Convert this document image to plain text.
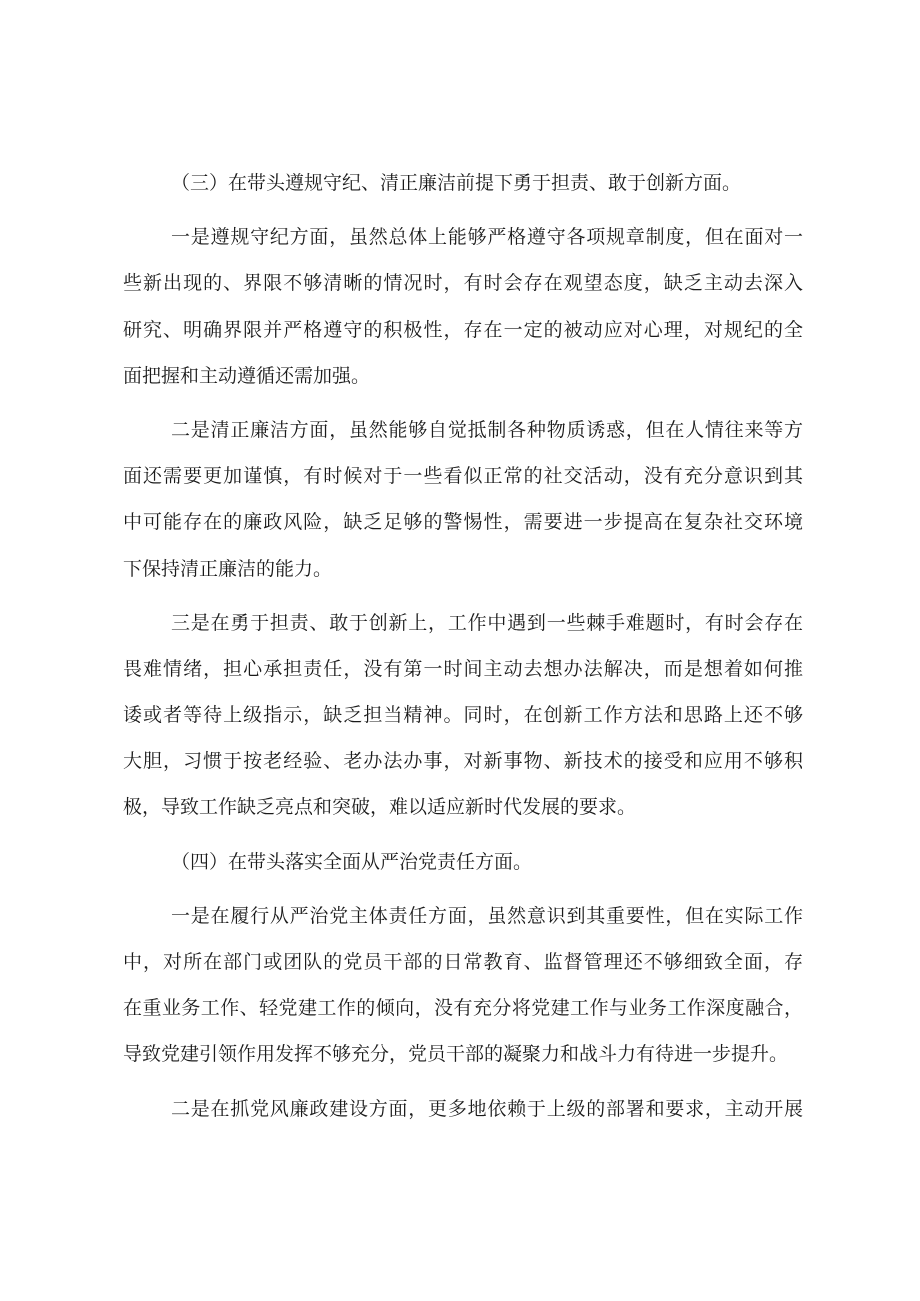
（三）在带头遵规守纪、清正廉洁前提下勇于担责、敢于创新方面。
一是遵规守纪方面，虽然总体上能够严格遵守各项规章制度，但在面对一
些新出现的、界限不够清晰的情况时，有时会存在观望态度，缺乏主动去深入
研究、明确界限并严格遵守的积极性，存在一定的被动应对心理，对规纪的全
面把握和主动遵循还需加强。
二是清正廉洁方面，虽然能够自觉抵制各种物质诱惑，但在人情往来等方
面还需要更加谨慎，有时候对于一些看似正常的社交活动，没有充分意识到其
中可能存在的廉政风险，缺乏足够的警惕性，需要进一步提高在复杂社交环境
下保持清正廉洁的能力。
三是在勇于担责、敢于创新上，工作中遇到一些棘手难题时，有时会存在
畏难情绪，担心承担责任，没有第一时间主动去想办法解决，而是想着如何推
诿或者等待上级指示，缺乏担当精神。同时，在创新工作方法和思路上还不够
大胆，习惯于按老经验、老办法办事，对新事物、新技术的接受和应用不够积
极，导致工作缺乏亮点和突破，难以适应新时代发展的要求。
（四）在带头落实全面从严治党责任方面。
一是在履行从严治党主体责任方面，虽然意识到其重要性，但在实际工作
中，对所在部门或团队的党员干部的日常教育、监督管理还不够细致全面，存
在重业务工作、轻党建工作的倾向，没有充分将党建工作与业务工作深度融合，
导致党建引领作用发挥不够充分，党员干部的凝聚力和战斗力有待进一步提升。
二是在抓党风廉政建设方面，更多地依赖于上级的部署和要求，主动开展
